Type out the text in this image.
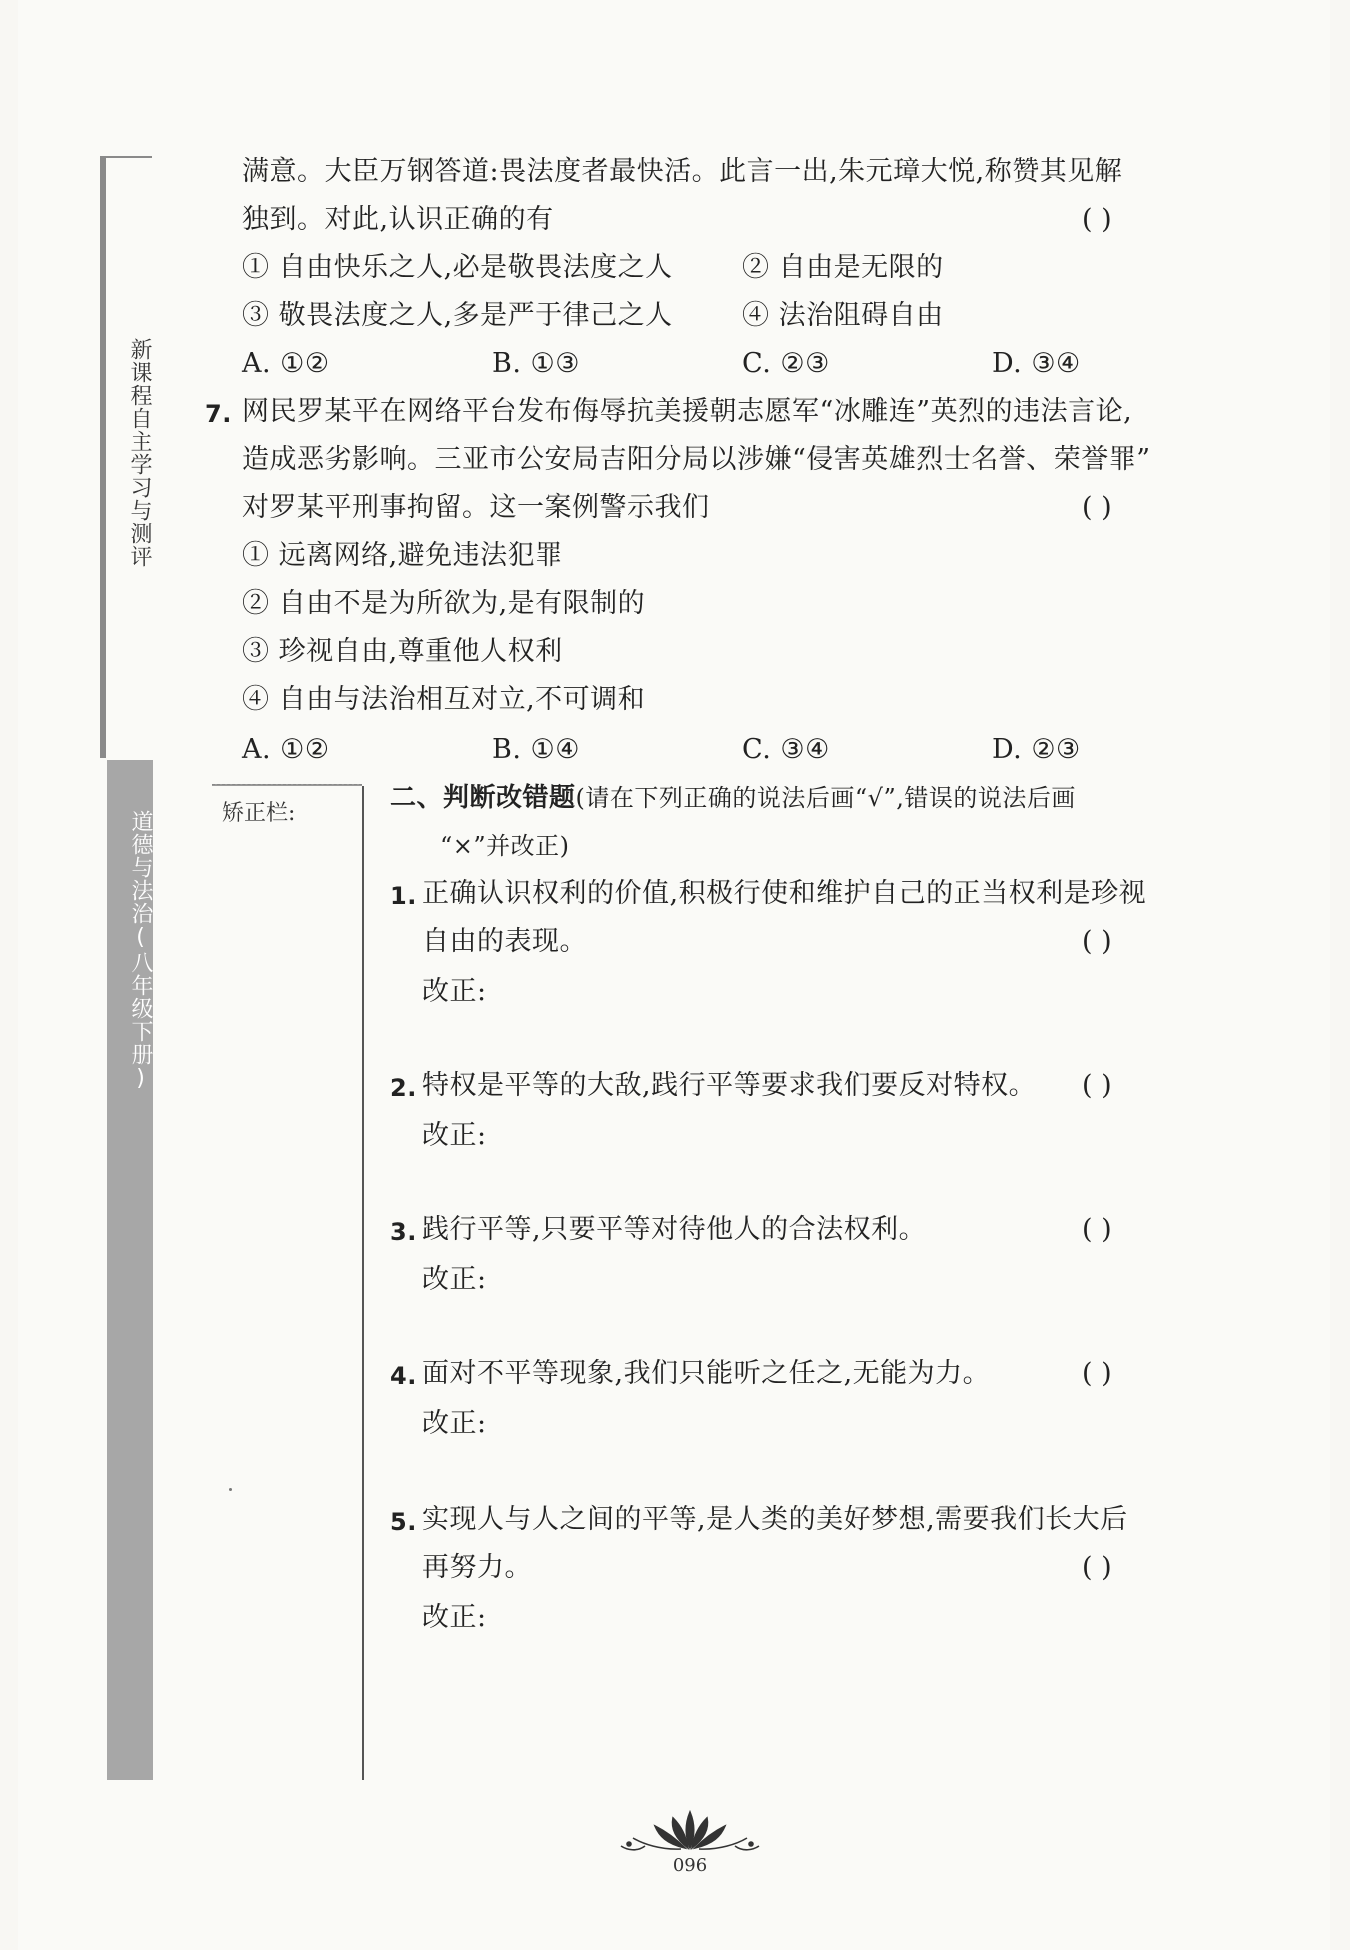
新课程自主学习与测评
道德与法治(八年级下册)
满意。大臣万钢答道:畏法度者最快活。此言一出,朱元璋大悦,称赞其见解
独到。对此,认识正确的有	( )
① 自由快乐之人,必是敬畏法度之人	② 自由是无限的
③ 敬畏法度之人,多是严于律己之人	④ 法治阻碍自由
A. ①②	B. ①③	C. ②③	D. ③④
7. 网民罗某平在网络平台发布侮辱抗美援朝志愿军“冰雕连”英烈的违法言论,
造成恶劣影响。三亚市公安局吉阳分局以涉嫌“侵害英雄烈士名誉、荣誉罪”
对罗某平刑事拘留。这一案例警示我们	( )
① 远离网络,避免违法犯罪
② 自由不是为所欲为,是有限制的
③ 珍视自由,尊重他人权利
④ 自由与法治相互对立,不可调和
A. ①②	B. ①④	C. ③④	D. ②③
矫正栏:
二、判断改错题(请在下列正确的说法后画“√”,错误的说法后画
“×”并改正)
1. 正确认识权利的价值,积极行使和维护自己的正当权利是珍视
自由的表现。	( )
改正:
2. 特权是平等的大敌,践行平等要求我们要反对特权。 ( )
改正:
3. 践行平等,只要平等对待他人的合法权利。	( )
改正:
4. 面对不平等现象,我们只能听之任之,无能为力。	( )
改正:
5. 实现人与人之间的平等,是人类的美好梦想,需要我们长大后
再努力。	( )
改正:
096
